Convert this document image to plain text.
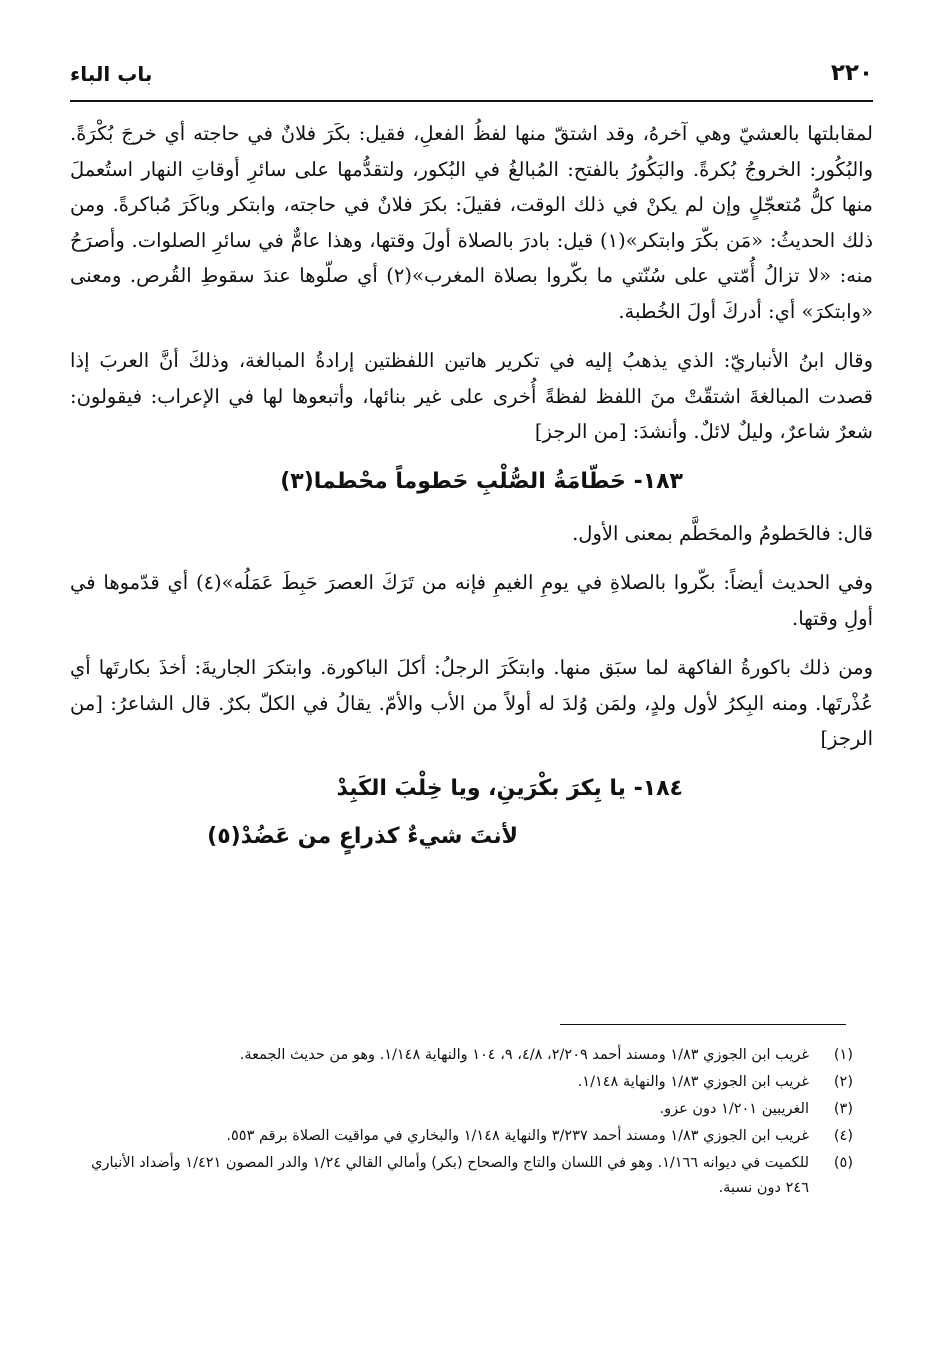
٢٢٠
باب الباء

لمقابلتها بالعشيّ وهي آخرهُ، وقد اشتقّ منها لفظُ الفعلِ، فقيل: بكَرَ فلانٌ في حاجته أي خرجَ بُكْرَةً. والبُكُور: الخروجُ بُكرةً. والبَكُورُ بالفتح: المُبالغُ في البُكور، ولتقدُّمها على سائرِ أوقاتِ النهار استُعملَ منها كلُّ مُتعجّلٍ وإن لم يكنْ في ذلك الوقت، فقيلَ: بكرَ فلانٌ في حاجته، وابتكر وباكَرَ مُباكرةً. ومن ذلك الحديثُ: «مَن بكّرَ وابتكر»(١) قيل: بادرَ بالصلاة أولَ وقتها، وهذا عامٌّ في سائرِ الصلوات. وأصرَحُ منه: «لا تزالُ أُمّتي على سُنّتي ما بكّروا بصلاة المغرب»(٢) أي صلّوها عندَ سقوطِ القُرص. ومعنى «وابتكرَ» أي: أدركَ أولَ الخُطبة.

وقال ابنُ الأنباريّ: الذي يذهبُ إليه في تكرير هاتين اللفظتين إرادةُ المبالغة، وذلكَ أنَّ العربَ إذا قصدت المبالغةَ اشتقّتْ منَ اللفظ لفظةً أُخرى على غير بنائها، وأتبعوها لها في الإعراب: فيقولون: شعرٌ شاعرٌ، وليلٌ لائلٌ. وأنشدَ: [من الرجز]

١٨٣- حَطّامَةُ الصُّلْبِ حَطوماً محْطما(٣)

قال: فالحَطومُ والمحَطَّم بمعنى الأول.

وفي الحديث أيضاً: بكّروا بالصلاةِ في يومِ الغيمِ فإنه من تَرَكَ العصرَ حَبِطَ عَمَلُه»(٤) أي قدّموها في أولِ وقتها.

ومن ذلك باكورةُ الفاكهة لما سبَق منها. وابتكَرَ الرجلُ: أكلَ الباكورة. وابتكرَ الجاريةَ: أخذَ بكارتَها أي عُذْرتَها. ومنه البِكرُ لأول ولدٍ، ولمَن وُلدَ له أولاً من الأب والأمّ. يقالُ في الكلّ بكرٌ. قال الشاعرُ: [من الرجز]

١٨٤- يا بِكرَ بكْرَينِ، ويا خِلْبَ الكَبِدْ
لأنتَ شيءٌ كذراعٍ من عَضُدْ(٥)
(١)
غريب ابن الجوزي ١/٨٣ ومسند أحمد ٢/٢٠٩، ٤/٨، ٩، ١٠٤ والنهاية ١/١٤٨. وهو من حديث الجمعة.
(٢)
غريب ابن الجوزي ١/٨٣ والنهاية ١/١٤٨.
(٣)
الغريبين ١/٢٠١ دون عزو.
(٤)
غريب ابن الجوزي ١/٨٣ ومسند أحمد ٣/٢٣٧ والنهاية ١/١٤٨ والبخاري في مواقيت الصلاة برقم ٥٥٣.
(٥)
للكميت في ديوانه ١/١٦٦. وهو في اللسان والتاج والصحاح (بكر) وأمالي القالي ١/٢٤ والدر المصون ١/٤٢١ وأضداد الأنباري ٢٤٦ دون نسبة.
